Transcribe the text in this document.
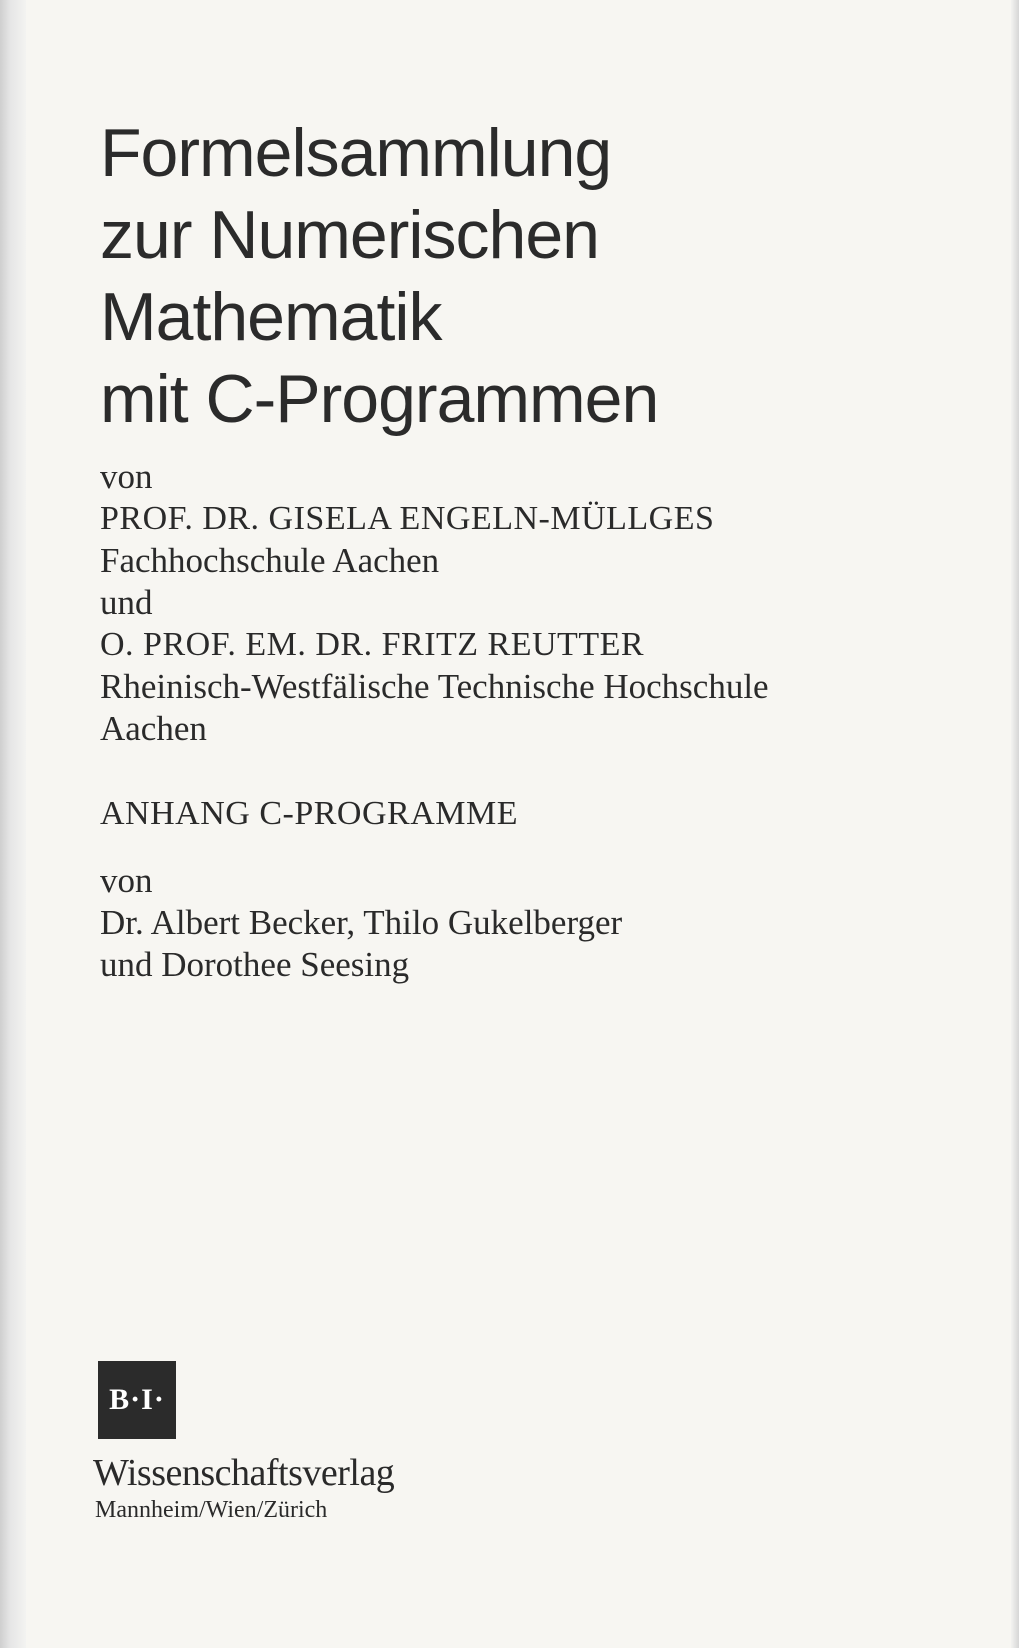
Formelsammlung
zur Numerischen
Mathematik
mit C-Programmen

von

PROF. DR. GISELA ENGELN-MÜLLGES

Fachhochschule Aachen

und

O. PROF. EM. DR. FRITZ REUTTER

Rheinisch-Westfälische Technische Hochschule

Aachen

ANHANG C-PROGRAMME

von

Dr. Albert Becker, Thilo Gukelberger

und Dorothee Seesing

B·I·

Wissenschaftsverlag

Mannheim/Wien/Zürich
